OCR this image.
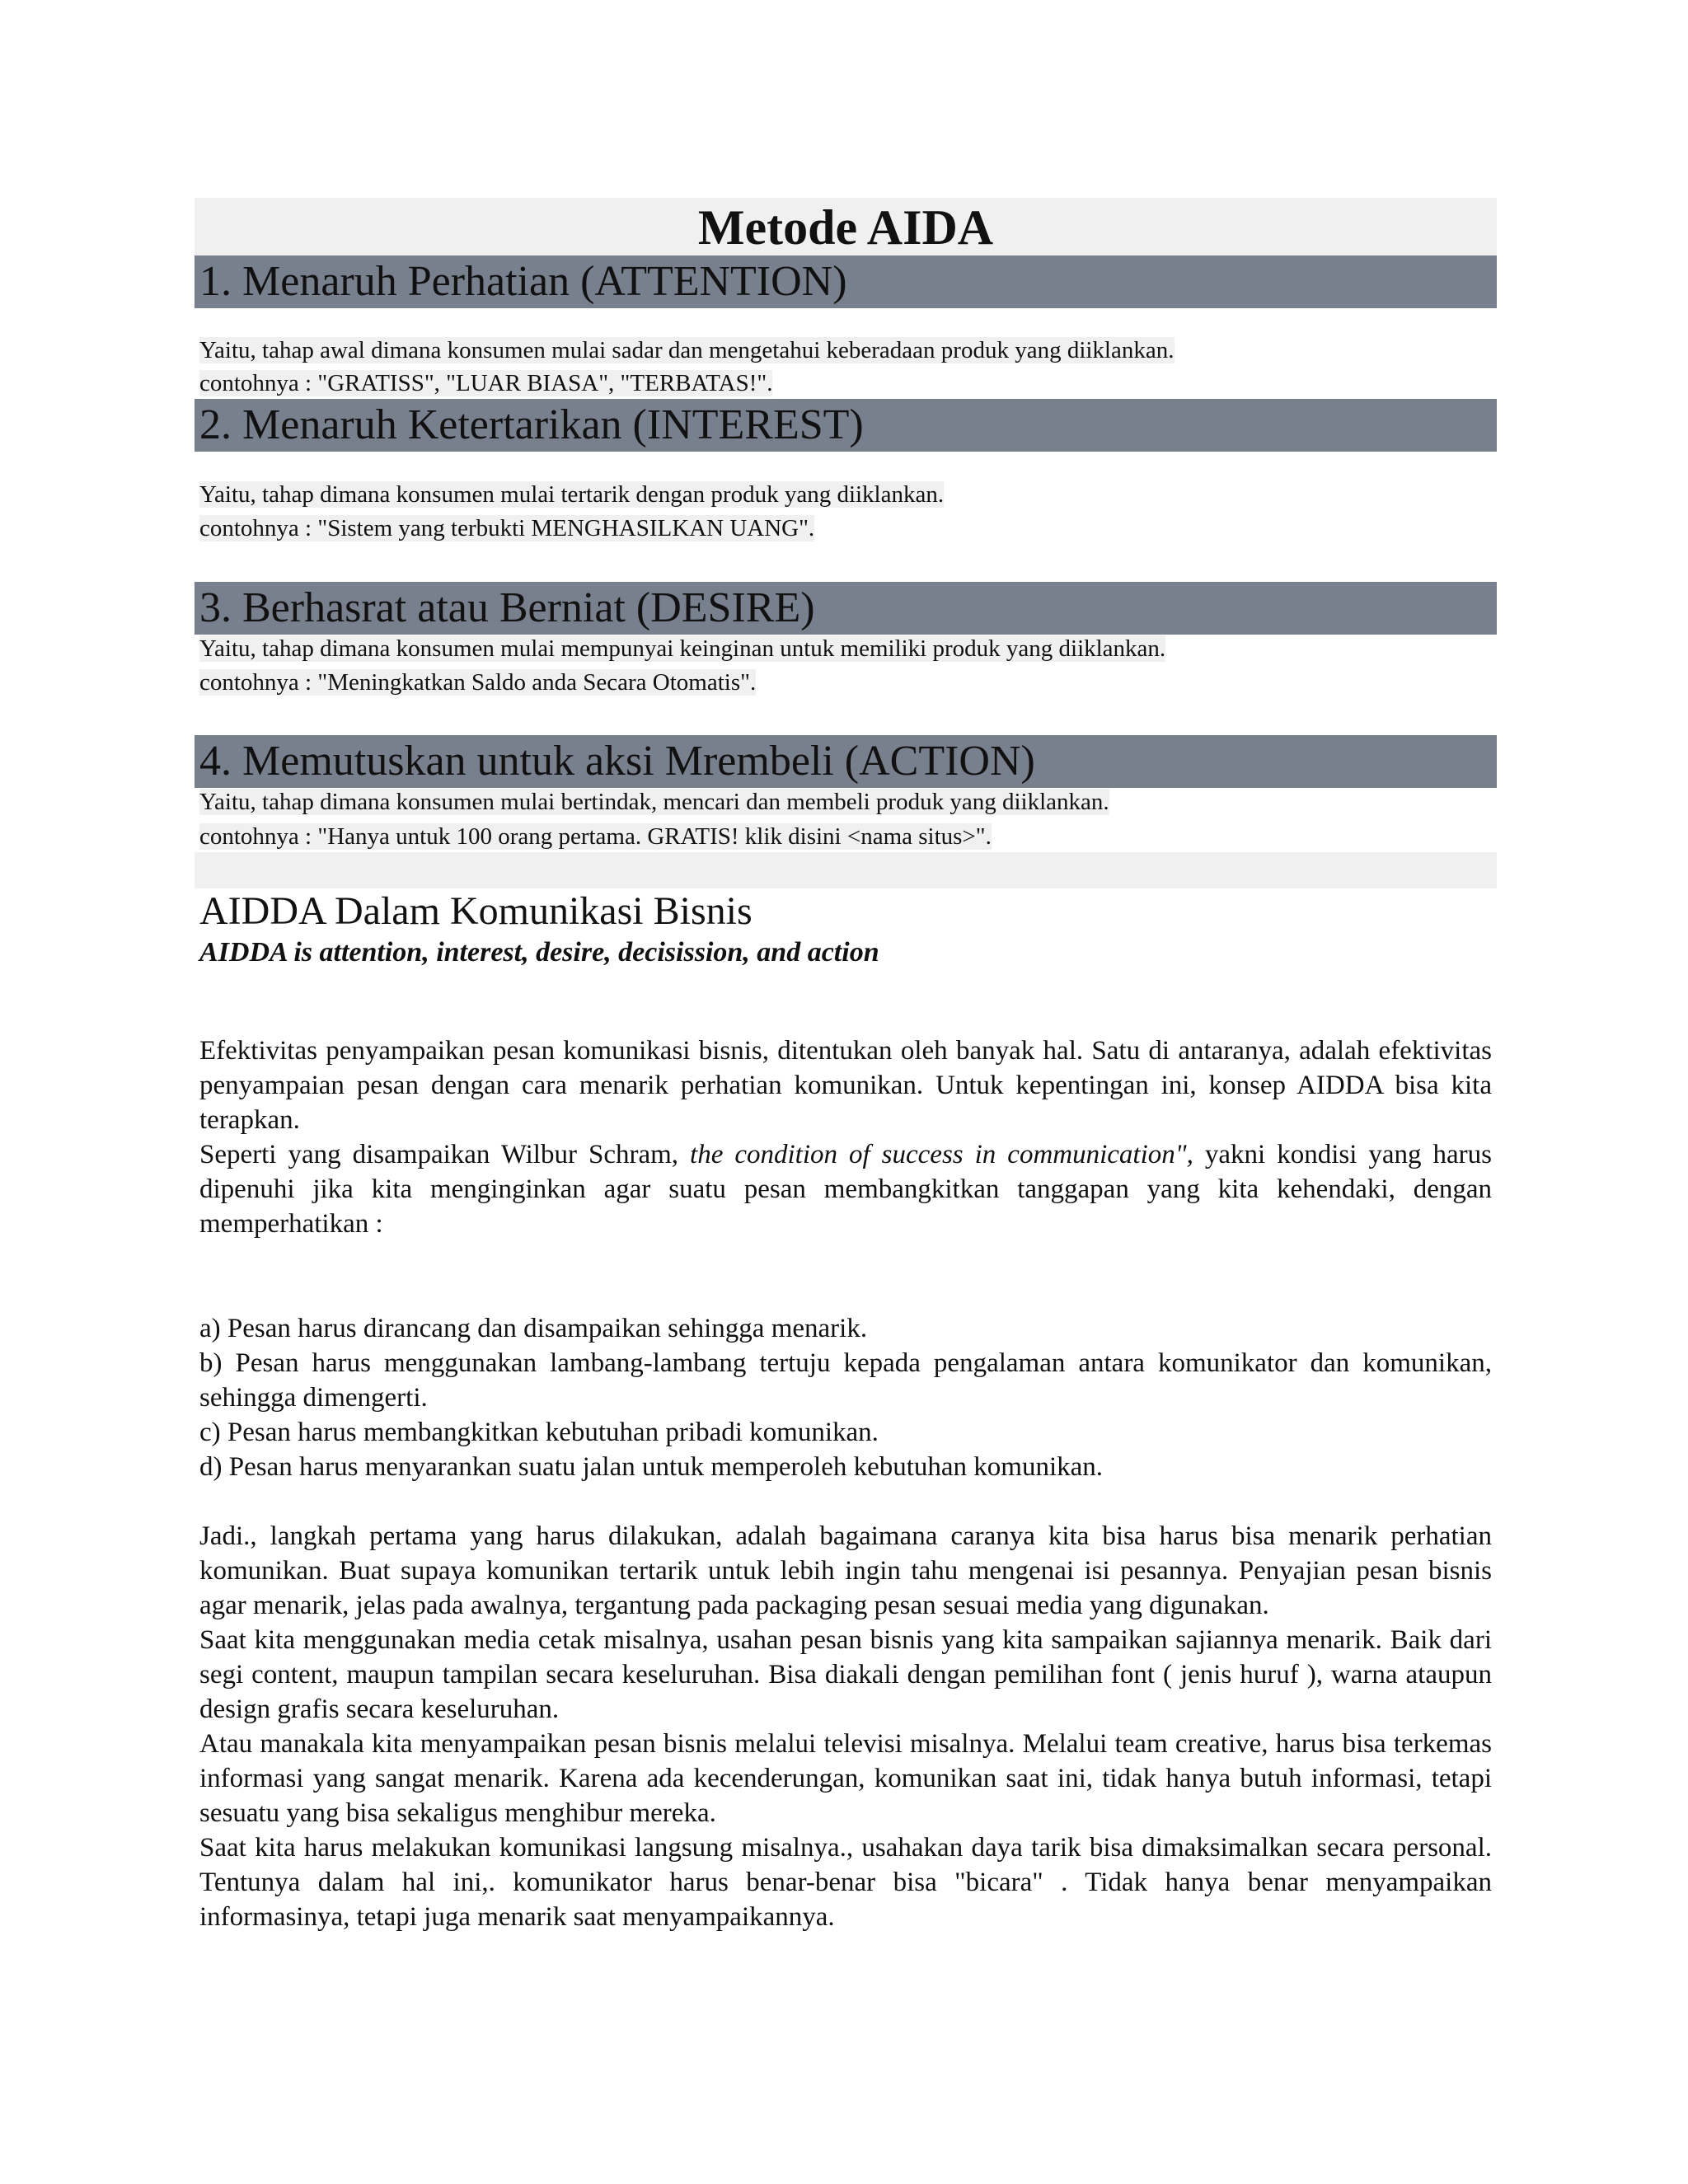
Metode AIDA
1. Menaruh Perhatian (ATTENTION)
Yaitu, tahap awal dimana konsumen mulai sadar dan mengetahui keberadaan produk yang diiklankan.
contohnya : "GRATISS", "LUAR BIASA", "TERBATAS!".
2. Menaruh Ketertarikan (INTEREST)
Yaitu, tahap dimana konsumen mulai tertarik dengan produk yang diiklankan.
contohnya : "Sistem yang terbukti MENGHASILKAN UANG".
3. Berhasrat atau Berniat (DESIRE)
Yaitu, tahap dimana konsumen mulai mempunyai keinginan untuk memiliki produk yang diiklankan.
contohnya : "Meningkatkan Saldo anda Secara Otomatis".
4. Memutuskan untuk aksi Mrembeli (ACTION)
Yaitu, tahap dimana konsumen mulai bertindak, mencari dan membeli produk yang diiklankan.
contohnya : "Hanya untuk 100 orang pertama. GRATIS! klik disini <nama situs>".
AIDDA Dalam Komunikasi Bisnis
AIDDA is attention, interest, desire, decisission, and action

Efektivitas penyampaikan pesan komunikasi bisnis, ditentukan oleh banyak hal. Satu di antaranya, adalah efektivitas penyampaian pesan dengan cara menarik perhatian komunikan. Untuk kepentingan ini, konsep AIDDA bisa kita terapkan.

Seperti yang disampaikan Wilbur Schram, the condition of success in communication", yakni kondisi yang harus dipenuhi jika kita menginginkan agar suatu pesan membangkitkan tanggapan yang kita kehendaki, dengan memperhatikan :

a) Pesan harus dirancang dan disampaikan sehingga menarik.

b) Pesan harus menggunakan lambang-lambang tertuju kepada pengalaman antara komunikator dan komunikan, sehingga dimengerti.

c) Pesan harus membangkitkan kebutuhan pribadi komunikan.

d) Pesan harus menyarankan suatu jalan untuk memperoleh kebutuhan komunikan.

Jadi., langkah pertama yang harus dilakukan, adalah bagaimana caranya kita bisa harus bisa menarik perhatian komunikan. Buat supaya komunikan tertarik untuk lebih ingin tahu mengenai isi pesannya. Penyajian pesan bisnis agar menarik, jelas pada awalnya, tergantung pada packaging pesan sesuai media yang digunakan.

Saat kita menggunakan media cetak misalnya, usahan pesan bisnis yang kita sampaikan sajiannya menarik. Baik dari segi content, maupun tampilan secara keseluruhan. Bisa diakali dengan pemilihan font ( jenis huruf ), warna ataupun design grafis secara keseluruhan.

Atau manakala kita menyampaikan pesan bisnis melalui televisi misalnya. Melalui team creative, harus bisa terkemas informasi yang sangat menarik. Karena ada kecenderungan, komunikan saat ini, tidak hanya butuh informasi, tetapi sesuatu yang bisa sekaligus menghibur mereka.

Saat kita harus melakukan komunikasi langsung misalnya., usahakan daya tarik bisa dimaksimalkan secara personal. Tentunya dalam hal ini,. komunikator harus benar-benar bisa "bicara" . Tidak hanya benar menyampaikan informasinya, tetapi juga menarik saat menyampaikannya.
